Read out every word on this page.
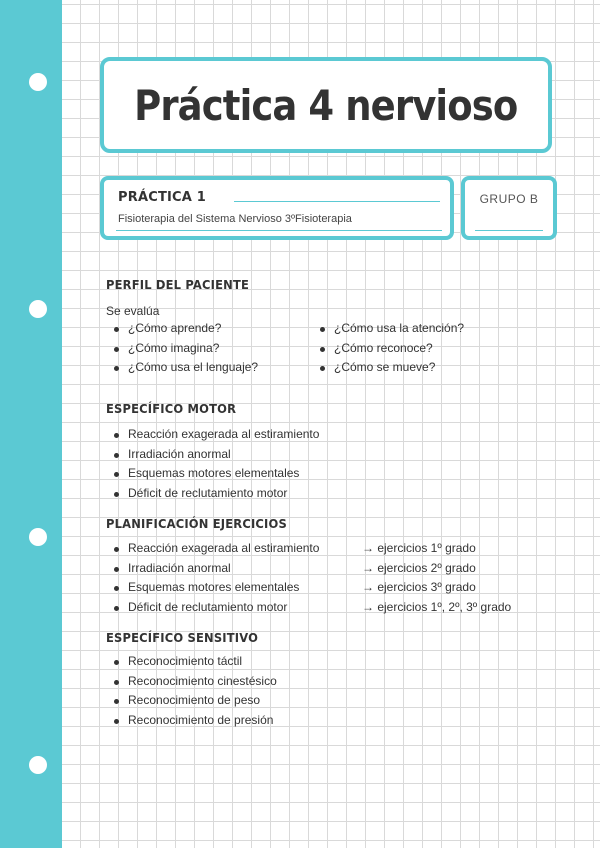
Práctica 4 nervioso
PRÁCTICA 1
Fisioterapia del Sistema Nervioso 3ºFisioterapia
GRUPO B
PERFIL DEL PACIENTE
Se evalúa
¿Cómo aprende?
¿Cómo imagina?
¿Cómo usa el lenguaje?
¿Cómo usa la atención?
¿Cómo reconoce?
¿Cómo se mueve?
ESPECÍFICO MOTOR
Reacción exagerada al estiramiento
Irradiación anormal
Esquemas motores elementales
Déficit de reclutamiento motor
PLANIFICACIÓN EJERCICIOS
Reacción exagerada al estiramiento
Irradiación anormal
Esquemas motores elementales
Déficit de reclutamiento motor
→ ejercicios 1º grado
→ ejercicios 2º grado
→ ejercicios 3º grado
→ ejercicios 1º, 2º, 3º grado
ESPECÍFICO SENSITIVO
Reconocimiento táctil
Reconocimiento cinestésico
Reconocimiento de peso
Reconocimiento de presión
